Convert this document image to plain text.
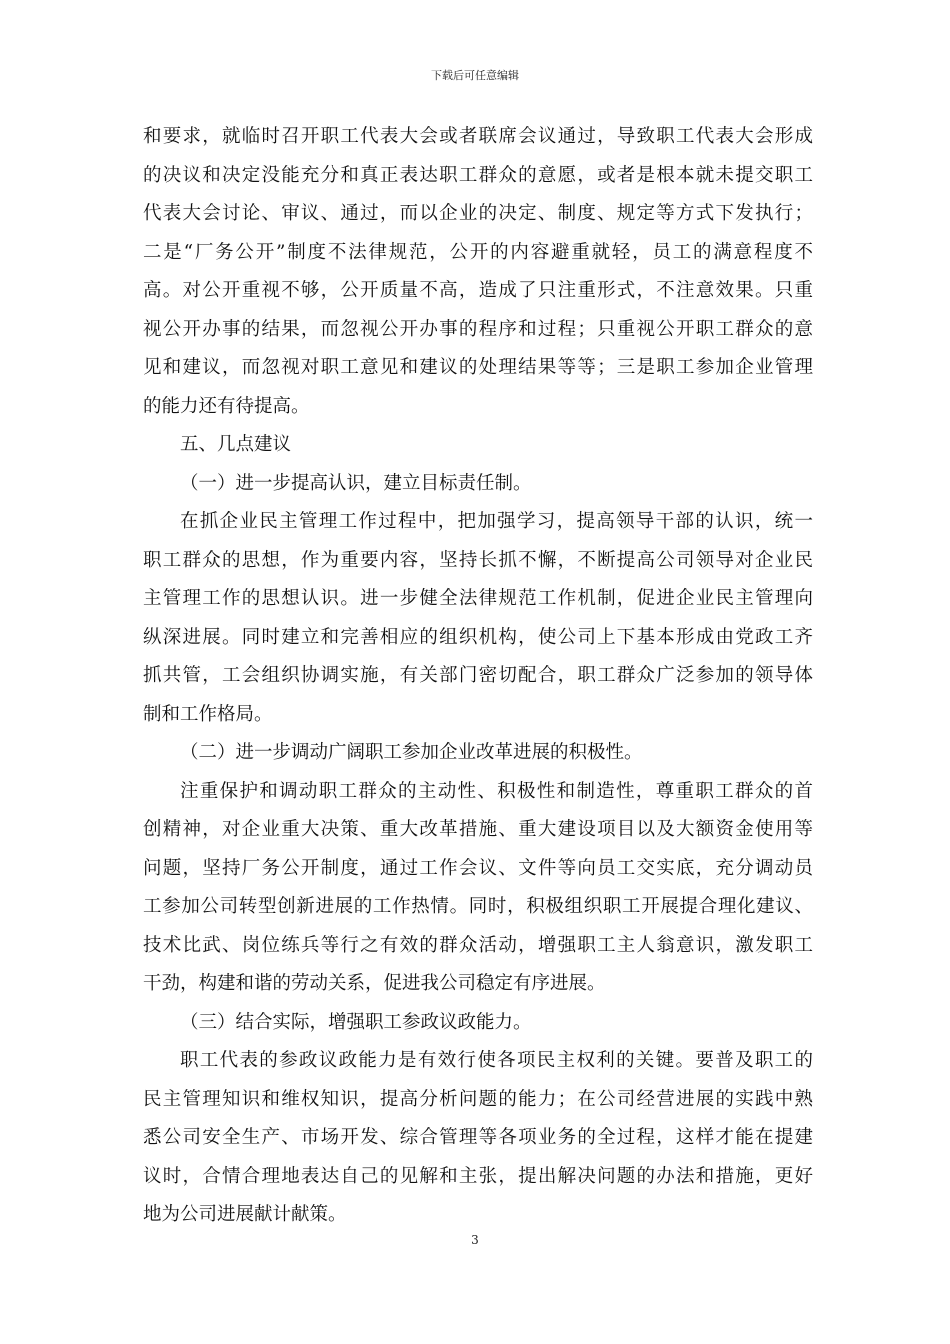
下载后可任意编辑
和要求，就临时召开职工代表大会或者联席会议通过，导致职工代表大会形成
的决议和决定没能充分和真正表达职工群众的意愿，或者是根本就未提交职工
代表大会讨论、审议、通过，而以企业的决定、制度、规定等方式下发执行；
二是“厂务公开”制度不法律规范，公开的内容避重就轻，员工的满意程度不
高。对公开重视不够，公开质量不高，造成了只注重形式，不注意效果。只重
视公开办事的结果，而忽视公开办事的程序和过程；只重视公开职工群众的意
见和建议，而忽视对职工意见和建议的处理结果等等；三是职工参加企业管理
的能力还有待提高。
五、几点建议
（一）进一步提高认识，建立目标责任制。
在抓企业民主管理工作过程中，把加强学习，提高领导干部的认识，统一
职工群众的思想，作为重要内容，坚持长抓不懈，不断提高公司领导对企业民
主管理工作的思想认识。进一步健全法律规范工作机制，促进企业民主管理向
纵深进展。同时建立和完善相应的组织机构，使公司上下基本形成由党政工齐
抓共管，工会组织协调实施，有关部门密切配合，职工群众广泛参加的领导体
制和工作格局。
（二）进一步调动广阔职工参加企业改革进展的积极性。
注重保护和调动职工群众的主动性、积极性和制造性，尊重职工群众的首
创精神，对企业重大决策、重大改革措施、重大建设项目以及大额资金使用等
问题，坚持厂务公开制度，通过工作会议、文件等向员工交实底，充分调动员
工参加公司转型创新进展的工作热情。同时，积极组织职工开展提合理化建议、
技术比武、岗位练兵等行之有效的群众活动，增强职工主人翁意识，激发职工
干劲，构建和谐的劳动关系，促进我公司稳定有序进展。
（三）结合实际，增强职工参政议政能力。
职工代表的参政议政能力是有效行使各项民主权利的关键。要普及职工的
民主管理知识和维权知识，提高分析问题的能力；在公司经营进展的实践中熟
悉公司安全生产、市场开发、综合管理等各项业务的全过程，这样才能在提建
议时，合情合理地表达自己的见解和主张，提出解决问题的办法和措施，更好
地为公司进展献计献策。
3
